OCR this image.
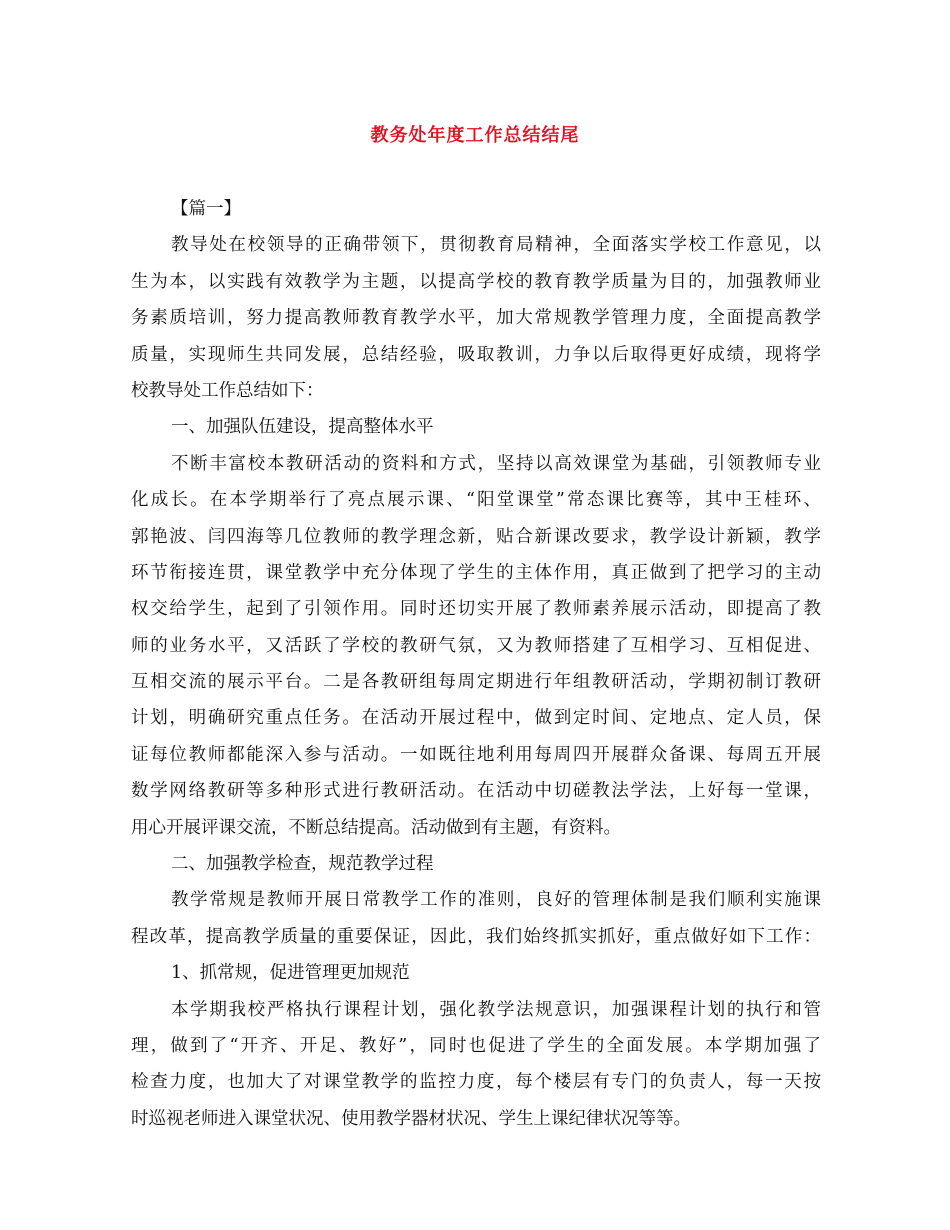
教务处年度工作总结结尾
【篇一】
教导处在校领导的正确带领下，贯彻教育局精神，全面落实学校工作意见，以
生为本，以实践有效教学为主题，以提高学校的教育教学质量为目的，加强教师业
务素质培训，努力提高教师教育教学水平，加大常规教学管理力度，全面提高教学
质量，实现师生共同发展，总结经验，吸取教训，力争以后取得更好成绩，现将学
校教导处工作总结如下：
一、加强队伍建设，提高整体水平
不断丰富校本教研活动的资料和方式，坚持以高效课堂为基础，引领教师专业
化成长。在本学期举行了亮点展示课、“阳堂课堂”常态课比赛等，其中王桂环、
郭艳波、闫四海等几位教师的教学理念新，贴合新课改要求，教学设计新颖，教学
环节衔接连贯，课堂教学中充分体现了学生的主体作用，真正做到了把学习的主动
权交给学生，起到了引领作用。同时还切实开展了教师素养展示活动，即提高了教
师的业务水平，又活跃了学校的教研气氛，又为教师搭建了互相学习、互相促进、
互相交流的展示平台。二是各教研组每周定期进行年组教研活动，学期初制订教研
计划，明确研究重点任务。在活动开展过程中，做到定时间、定地点、定人员，保
证每位教师都能深入参与活动。一如既往地利用每周四开展群众备课、每周五开展
数学网络教研等多种形式进行教研活动。在活动中切磋教法学法，上好每一堂课，
用心开展评课交流，不断总结提高。活动做到有主题，有资料。
二、加强教学检查，规范教学过程
教学常规是教师开展日常教学工作的准则，良好的管理体制是我们顺利实施课
程改革，提高教学质量的重要保证，因此，我们始终抓实抓好，重点做好如下工作：
1、抓常规，促进管理更加规范
本学期我校严格执行课程计划，强化教学法规意识，加强课程计划的执行和管
理，做到了“开齐、开足、教好”，同时也促进了学生的全面发展。本学期加强了
检查力度，也加大了对课堂教学的监控力度，每个楼层有专门的负责人，每一天按
时巡视老师进入课堂状况、使用教学器材状况、学生上课纪律状况等等。
